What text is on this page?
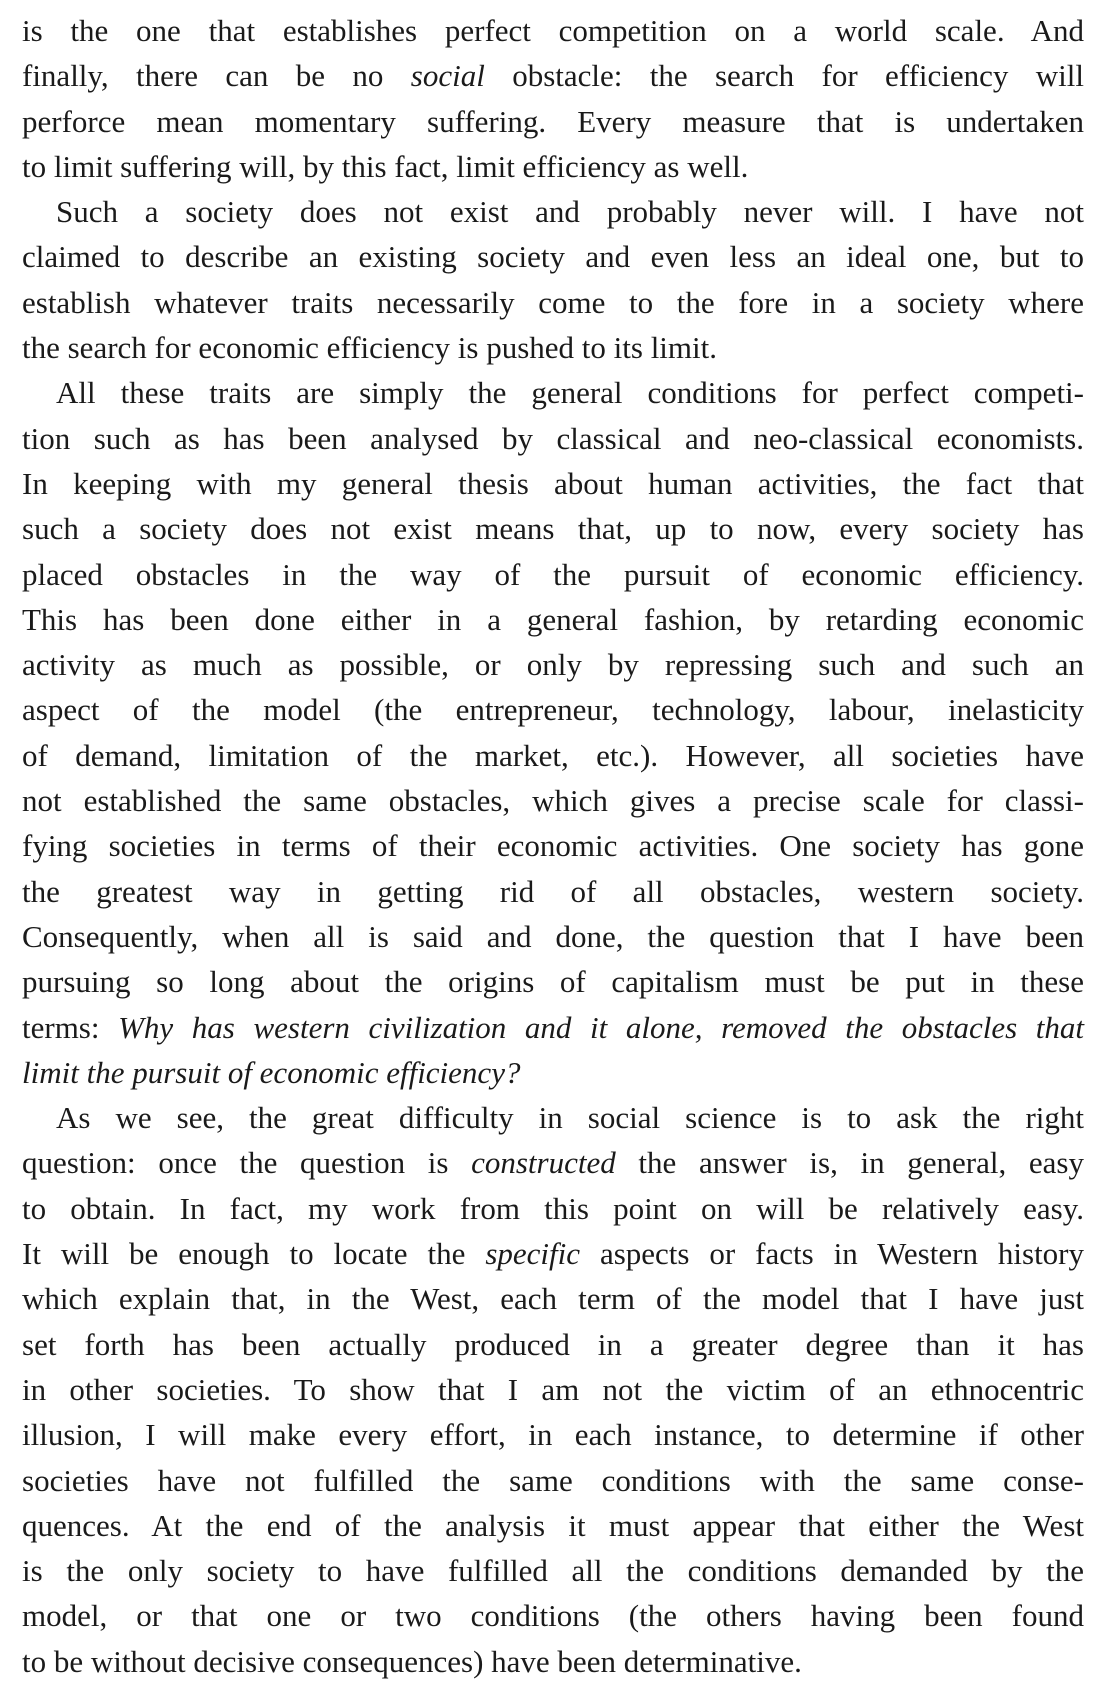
is the one that establishes perfect competition on a world scale. And
finally, there can be no social obstacle: the search for efficiency will
perforce mean momentary suffering. Every measure that is undertaken
to limit suffering will, by this fact, limit efficiency as well.
Such a society does not exist and probably never will. I have not
claimed to describe an existing society and even less an ideal one, but to
establish whatever traits necessarily come to the fore in a society where
the search for economic efficiency is pushed to its limit.
All these traits are simply the general conditions for perfect competi-
tion such as has been analysed by classical and neo-classical economists.
In keeping with my general thesis about human activities, the fact that
such a society does not exist means that, up to now, every society has
placed obstacles in the way of the pursuit of economic efficiency.
This has been done either in a general fashion, by retarding economic
activity as much as possible, or only by repressing such and such an
aspect of the model (the entrepreneur, technology, labour, inelasticity
of demand, limitation of the market, etc.). However, all societies have
not established the same obstacles, which gives a precise scale for classi-
fying societies in terms of their economic activities. One society has gone
the greatest way in getting rid of all obstacles, western society.
Consequently, when all is said and done, the question that I have been
pursuing so long about the origins of capitalism must be put in these
terms: Why has western civilization and it alone, removed the obstacles that
limit the pursuit of economic efficiency?
As we see, the great difficulty in social science is to ask the right
question: once the question is constructed the answer is, in general, easy
to obtain. In fact, my work from this point on will be relatively easy.
It will be enough to locate the specific aspects or facts in Western history
which explain that, in the West, each term of the model that I have just
set forth has been actually produced in a greater degree than it has
in other societies. To show that I am not the victim of an ethnocentric
illusion, I will make every effort, in each instance, to determine if other
societies have not fulfilled the same conditions with the same conse-
quences. At the end of the analysis it must appear that either the West
is the only society to have fulfilled all the conditions demanded by the
model, or that one or two conditions (the others having been found
to be without decisive consequences) have been determinative.
